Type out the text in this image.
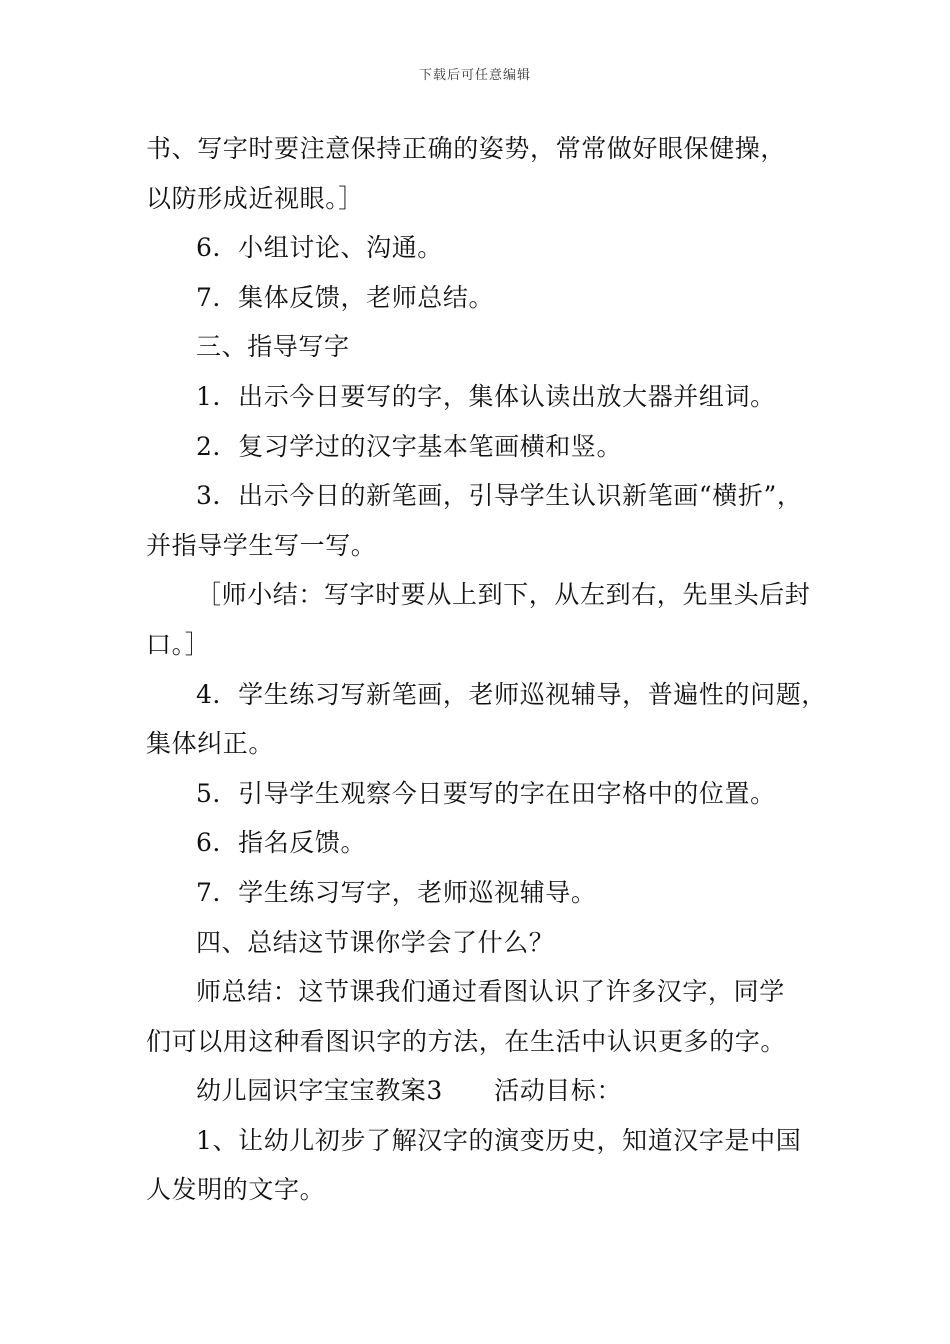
下载后可任意编辑
书、写字时要注意保持正确的姿势，常常做好眼保健操，
以防形成近视眼。］
6．小组讨论、沟通。
7．集体反馈，老师总结。
三、指导写字
1．出示今日要写的字，集体认读出放大器并组词。
2．复习学过的汉字基本笔画横和竖。
3．出示今日的新笔画，引导学生认识新笔画“横折”，
并指导学生写一写。
［师小结：写字时要从上到下，从左到右，先里头后封
口。］
4．学生练习写新笔画，老师巡视辅导，普遍性的问题，
集体纠正。
5．引导学生观察今日要写的字在田字格中的位置。
6．指名反馈。
7．学生练习写字，老师巡视辅导。
四、总结这节课你学会了什么？
师总结：这节课我们通过看图认识了许多汉字，同学
们可以用这种看图识字的方法，在生活中认识更多的字。
幼儿园识字宝宝教案3　　活动目标：
1、让幼儿初步了解汉字的演变历史，知道汉字是中国
人发明的文字。
